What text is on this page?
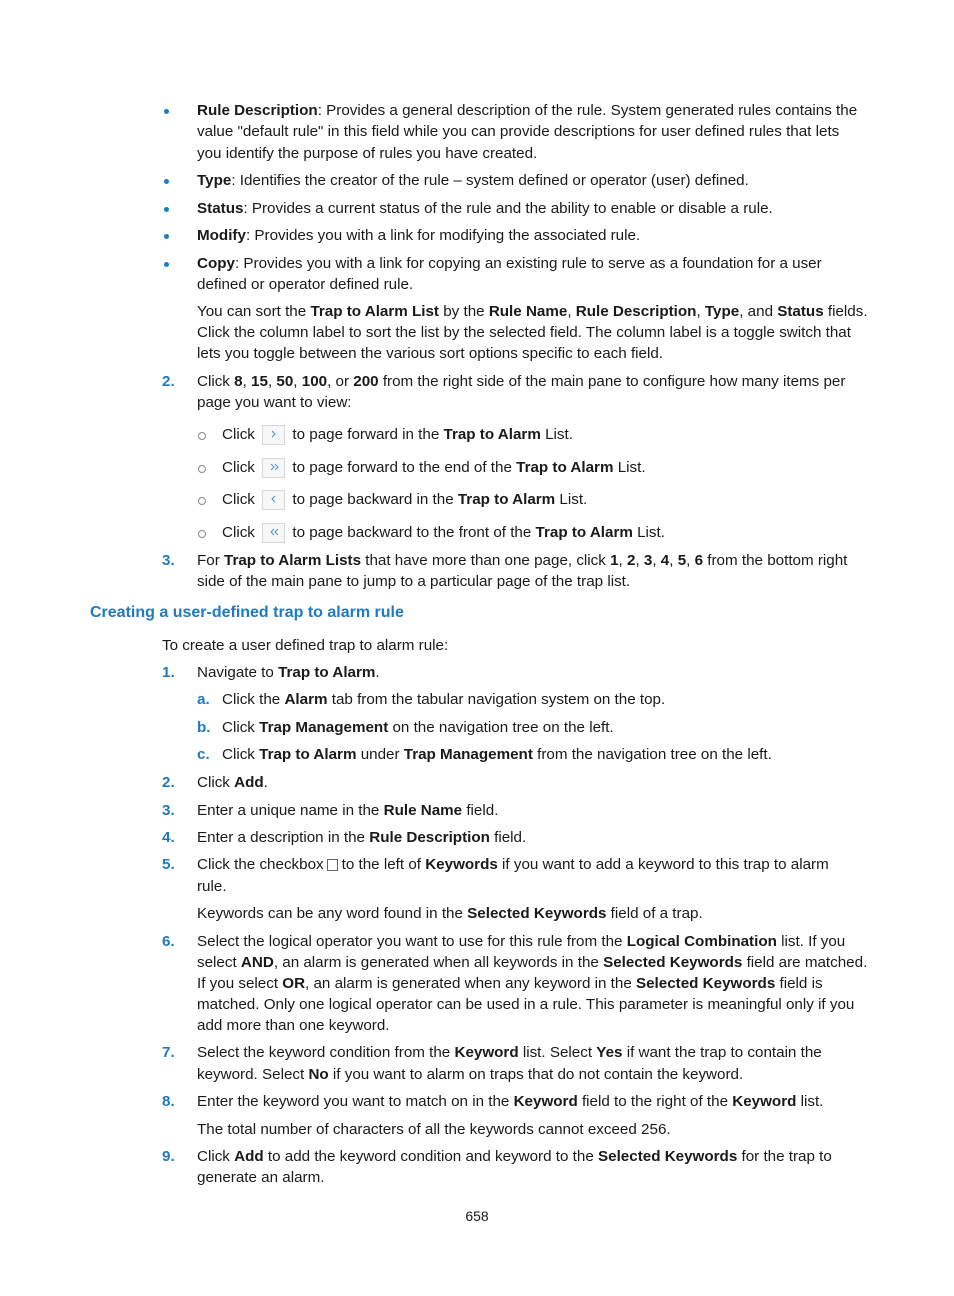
Rule Description: Provides a general description of the rule. System generated rules contains the
value "default rule" in this field while you can provide descriptions for user defined rules that lets
you identify the purpose of rules you have created.
Type: Identifies the creator of the rule – system defined or operator (user) defined.
Status: Provides a current status of the rule and the ability to enable or disable a rule.
Modify: Provides you with a link for modifying the associated rule.
Copy: Provides you with a link for copying an existing rule to serve as a foundation for a user
defined or operator defined rule.
You can sort the Trap to Alarm List by the Rule Name, Rule Description, Type, and Status fields.
Click the column label to sort the list by the selected field. The column label is a toggle switch that
lets you toggle between the various sort options specific to each field.
2. Click 8, 15, 50, 100, or 200 from the right side of the main pane to configure how many items per
page you want to view:
Click to page forward in the Trap to Alarm List.
Click to page forward to the end of the Trap to Alarm List.
Click to page backward in the Trap to Alarm List.
Click to page backward to the front of the Trap to Alarm List.
3. For Trap to Alarm Lists that have more than one page, click 1, 2, 3, 4, 5, 6 from the bottom right
side of the main pane to jump to a particular page of the trap list.
Creating a user-defined trap to alarm rule
To create a user defined trap to alarm rule:
1. Navigate to Trap to Alarm.
a. Click the Alarm tab from the tabular navigation system on the top.
b. Click Trap Management on the navigation tree on the left.
c. Click Trap to Alarm under Trap Management from the navigation tree on the left.
2. Click Add.
3. Enter a unique name in the Rule Name field.
4. Enter a description in the Rule Description field.
5. Click the checkbox to the left of Keywords if you want to add a keyword to this trap to alarm
rule.
Keywords can be any word found in the Selected Keywords field of a trap.
6. Select the logical operator you want to use for this rule from the Logical Combination list. If you
select AND, an alarm is generated when all keywords in the Selected Keywords field are matched.
If you select OR, an alarm is generated when any keyword in the Selected Keywords field is
matched. Only one logical operator can be used in a rule. This parameter is meaningful only if you
add more than one keyword.
7. Select the keyword condition from the Keyword list. Select Yes if want the trap to contain the
keyword. Select No if you want to alarm on traps that do not contain the keyword.
8. Enter the keyword you want to match on in the Keyword field to the right of the Keyword list.
The total number of characters of all the keywords cannot exceed 256.
9. Click Add to add the keyword condition and keyword to the Selected Keywords for the trap to
generate an alarm.
658
